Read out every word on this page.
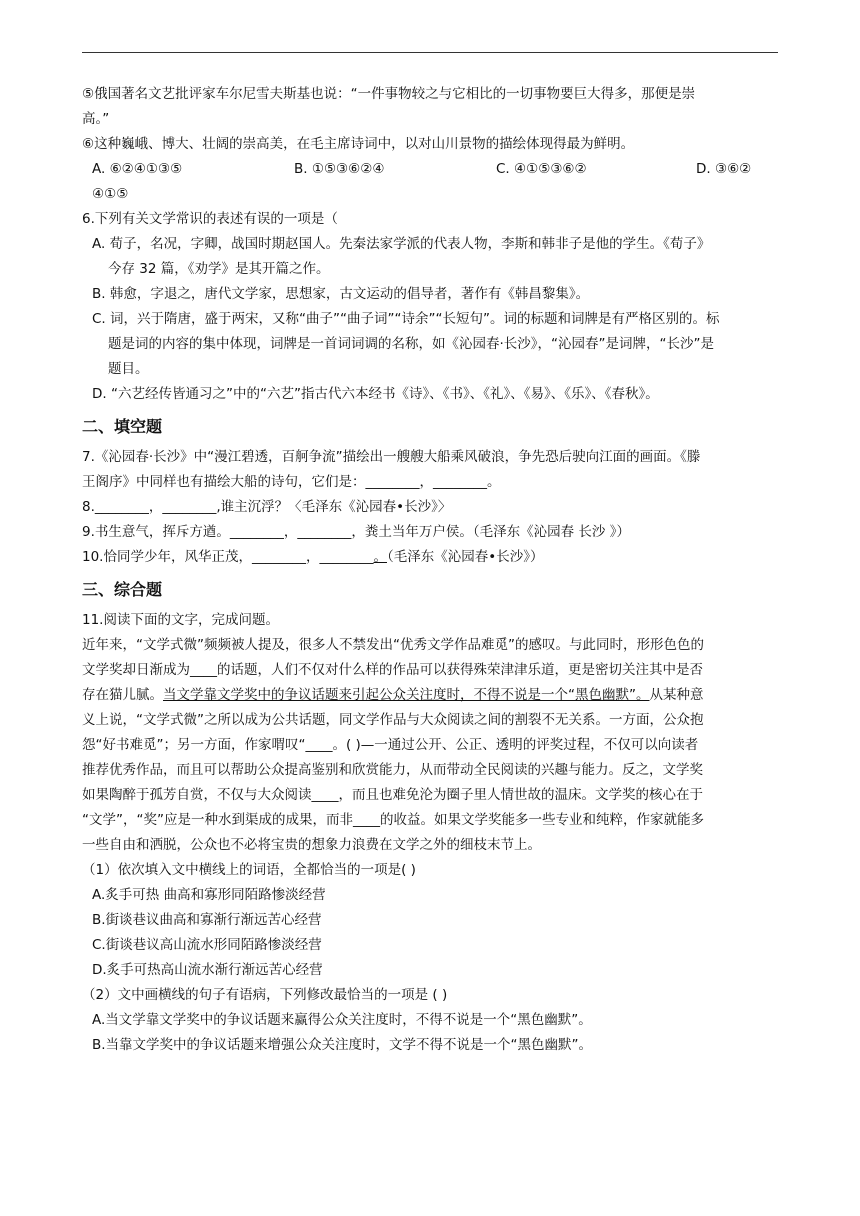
⑤俄国著名文艺批评家车尔尼雪夫斯基也说：“一件事物较之与它相比的一切事物要巨大得多，那便是崇

高。”

⑥这种巍峨、博大、壮阔的崇高美，在毛主席诗词中，以对山川景物的描绘体现得最为鲜明。

A. ⑥②④①③⑤	B. ①⑤③⑥②④	C. ④①⑤③⑥②	D. ③⑥②

④①⑤

6.下列有关文学常识的表述有误的一项是（

A. 荀子，名况，字卿，战国时期赵国人。先秦法家学派的代表人物，李斯和韩非子是他的学生。《荀子》

今存 32 篇，《劝学》是其开篇之作。

B. 韩愈，字退之，唐代文学家，思想家，古文运动的倡导者，著作有《韩昌黎集》。

C. 词，兴于隋唐，盛于两宋，又称“曲子”“曲子词”“诗余”“长短句”。词的标题和词牌是有严格区别的。标

题是词的内容的集中体现，词牌是一首词词调的名称，如《沁园春·长沙》，“沁园春”是词牌，“长沙”是

题目。

D. “六艺经传皆通习之”中的“六艺”指古代六本经书《诗》、《书》、《礼》、《易》、《乐》、《春秋》。

二、填空题

7.《沁园春·长沙》中“漫江碧透，百舸争流”描绘出一艘艘大船乘风破浪，争先恐后驶向江面的画面。《滕

王阁序》中同样也有描绘大船的诗句，它们是：________，________。

8.________，________,谁主沉浮？〈毛泽东《沁园春•长沙》〉

9.书生意气，挥斥方遒。________，________，粪土当年万户侯。（毛泽东《沁园春 长沙 》）

10.恰同学少年，风华正茂，________，________。（毛泽东《沁园春•长沙》）

三、综合题

11.阅读下面的文字，完成问题。

近年来，“文学式微”频频被人提及，很多人不禁发出“优秀文学作品难觅”的感叹。与此同时，形形色色的

文学奖却日渐成为____的话题，人们不仅对什么样的作品可以获得殊荣津津乐道，更是密切关注其中是否

存在猫儿腻。当文学靠文学奖中的争议话题来引起公众关注度时，不得不说是一个“黑色幽默”。从某种意

义上说，“文学式微”之所以成为公共话题，同文学作品与大众阅读之间的割裂不无关系。一方面，公众抱

怨“好书难觅”；另一方面，作家喟叹“____。( )—一通过公开、公正、透明的评奖过程，不仅可以向读者

推荐优秀作品，而且可以帮助公众提高鉴别和欣赏能力，从而带动全民阅读的兴趣与能力。反之，文学奖

如果陶醉于孤芳自赏，不仅与大众阅读____，而且也难免沦为圈子里人情世故的温床。文学奖的核心在于

“文学”，“奖”应是一种水到渠成的成果，而非____的收益。如果文学奖能多一些专业和纯粹，作家就能多

一些自由和洒脱，公众也不必将宝贵的想象力浪费在文学之外的细枝末节上。

（1）依次填入文中横线上的词语，全都恰当的一项是( )

A.炙手可热 曲高和寡形同陌路惨淡经营

B.街谈巷议曲高和寡渐行渐远苦心经营

C.街谈巷议高山流水形同陌路惨淡经营

D.炙手可热高山流水渐行渐远苦心经营

（2）文中画横线的句子有语病，下列修改最恰当的一项是 ( )

A.当文学靠文学奖中的争议话题来赢得公众关注度时，不得不说是一个“黑色幽默”。

B.当靠文学奖中的争议话题来增强公众关注度时，文学不得不说是一个“黑色幽默”。
